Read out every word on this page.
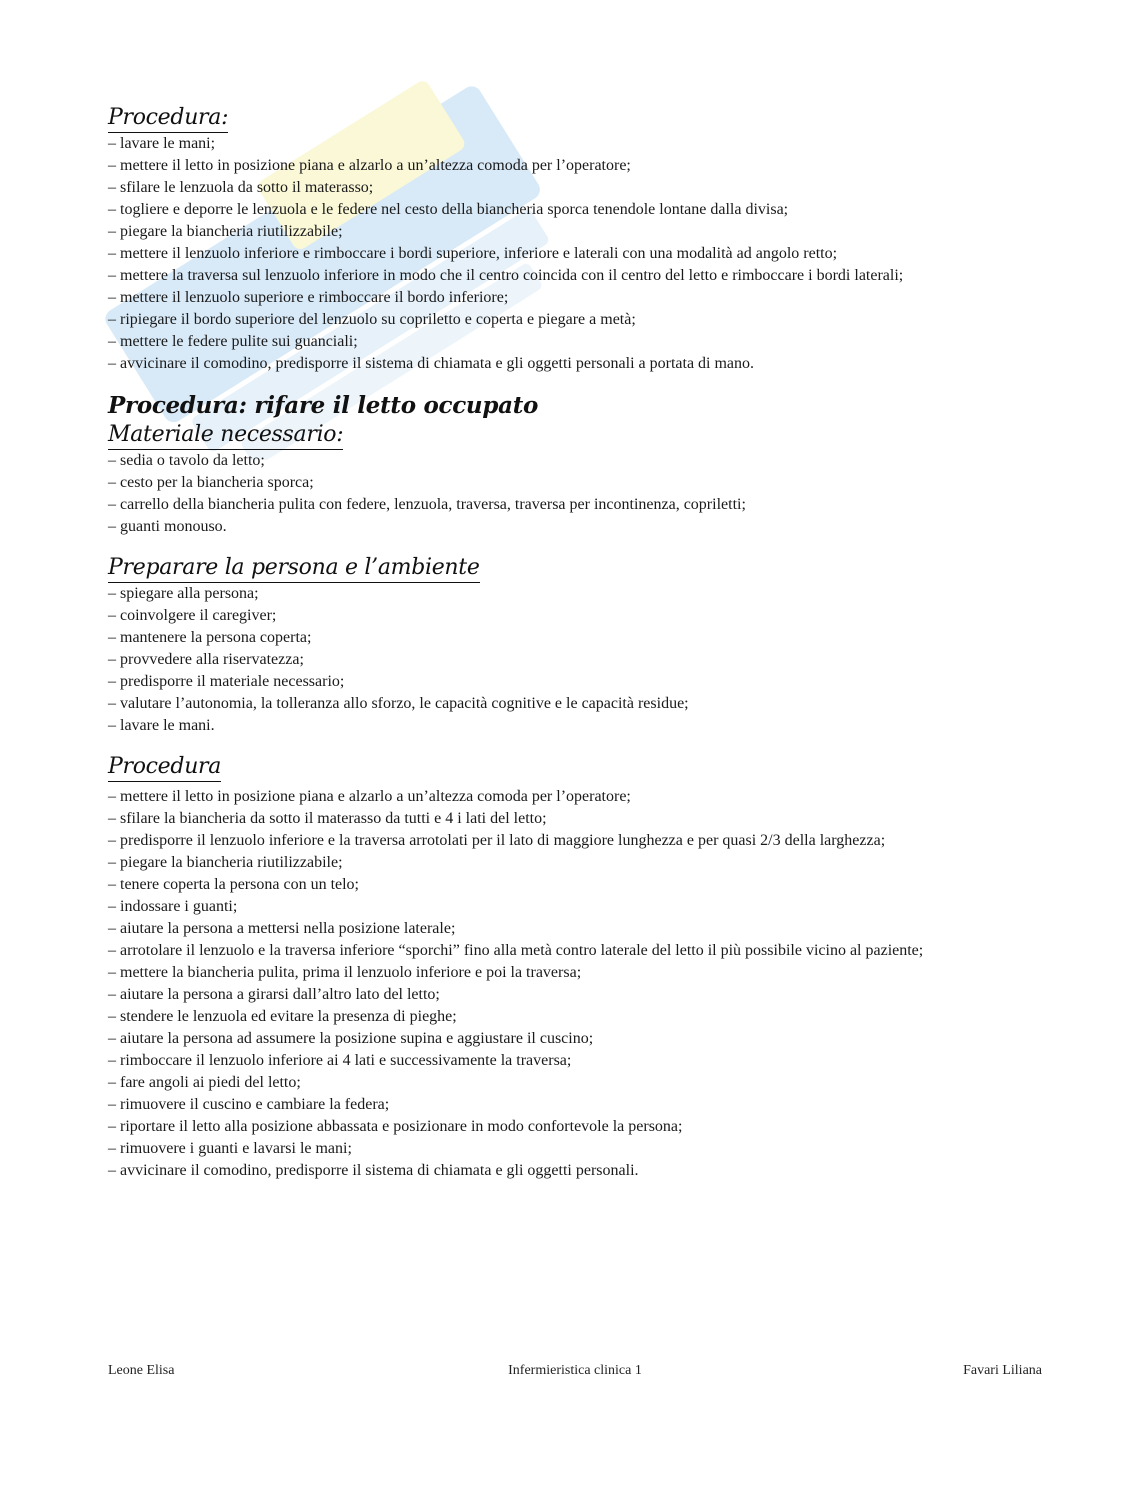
Procedura:
– lavare le mani;
– mettere il letto in posizione piana e alzarlo a un’altezza comoda per l’operatore;
– sfilare le lenzuola da sotto il materasso;
– togliere e deporre le lenzuola e le federe nel cesto della biancheria sporca tenendole lontane dalla divisa;
– piegare la biancheria riutilizzabile;
– mettere il lenzuolo inferiore e rimboccare i bordi superiore, inferiore e laterali con una modalità ad angolo retto;
– mettere la traversa sul lenzuolo inferiore in modo che il centro coincida con il centro del letto e rimboccare i bordi laterali;
– mettere il lenzuolo superiore e rimboccare il bordo inferiore;
– ripiegare il bordo superiore del lenzuolo su copriletto e coperta e piegare a metà;
– mettere le federe pulite sui guanciali;
– avvicinare il comodino, predisporre il sistema di chiamata e gli oggetti personali a portata di mano.
Procedura: rifare il letto occupato
Materiale necessario:
– sedia o tavolo da letto;
– cesto per la biancheria sporca;
– carrello della biancheria pulita con federe, lenzuola, traversa, traversa per incontinenza, copriletti;
– guanti monouso.
Preparare la persona e l’ambiente
– spiegare alla persona;
– coinvolgere il caregiver;
– mantenere la persona coperta;
– provvedere alla riservatezza;
– predisporre il materiale necessario;
– valutare l’autonomia, la tolleranza allo sforzo, le capacità cognitive e le capacità residue;
– lavare le mani.
Procedura
– mettere il letto in posizione piana e alzarlo a un’altezza comoda per l’operatore;
– sfilare la biancheria da sotto il materasso da tutti e 4 i lati del letto;
– predisporre il lenzuolo inferiore e la traversa arrotolati per il lato di maggiore lunghezza e per quasi 2/3 della larghezza;
– piegare la biancheria riutilizzabile;
– tenere coperta la persona con un telo;
– indossare i guanti;
– aiutare la persona a mettersi nella posizione laterale;
– arrotolare il lenzuolo e la traversa inferiore “sporchi” fino alla metà contro laterale del letto il più possibile vicino al paziente;
– mettere la biancheria pulita, prima il lenzuolo inferiore e poi la traversa;
– aiutare la persona a girarsi dall’altro lato del letto;
– stendere le lenzuola ed evitare la presenza di pieghe;
– aiutare la persona ad assumere la posizione supina e aggiustare il cuscino;
– rimboccare il lenzuolo inferiore ai 4 lati e successivamente la traversa;
– fare angoli ai piedi del letto;
– rimuovere il cuscino e cambiare la federa;
– riportare il letto alla posizione abbassata e posizionare in modo confortevole la persona;
– rimuovere i guanti e lavarsi le mani;
– avvicinare il comodino, predisporre il sistema di chiamata e gli oggetti personali.
Leone Elisa	Infermieristica clinica 1	Favari Liliana
